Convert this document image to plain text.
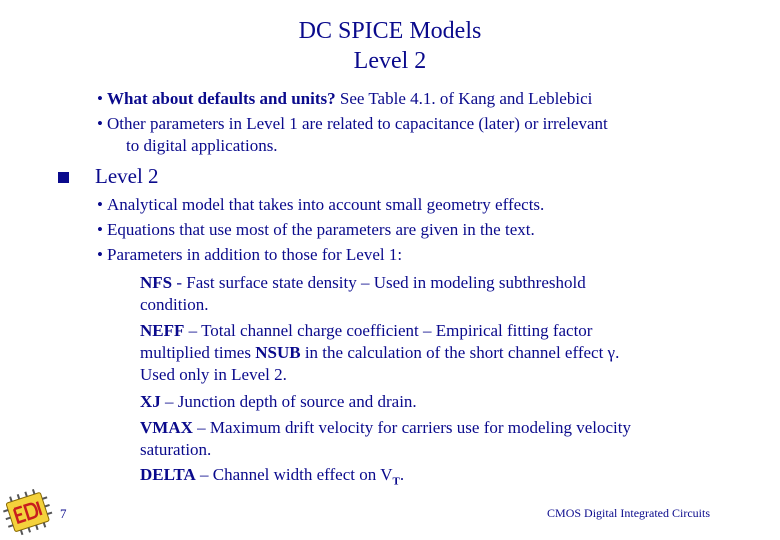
DC SPICE Models
Level 2
• What about defaults and units? See Table 4.1. of Kang and Leblebici
• Other parameters in Level 1 are related to capacitance (later) or irrelevant
to digital applications.
Level 2
• Analytical model that takes into account small geometry effects.
• Equations that use most of the parameters are given in the text.
• Parameters in addition to those for Level 1:
NFS - Fast surface state density – Used in modeling subthreshold
condition.
NEFF – Total channel charge coefficient – Empirical fitting factor
multiplied times NSUB in the calculation of the short channel effect γ.
Used only in Level 2.
XJ – Junction depth of source and drain.
VMAX – Maximum drift velocity for carriers use for modeling velocity
saturation.
DELTA – Channel width effect on $V_T$.
7	CMOS Digital Integrated Circuits
